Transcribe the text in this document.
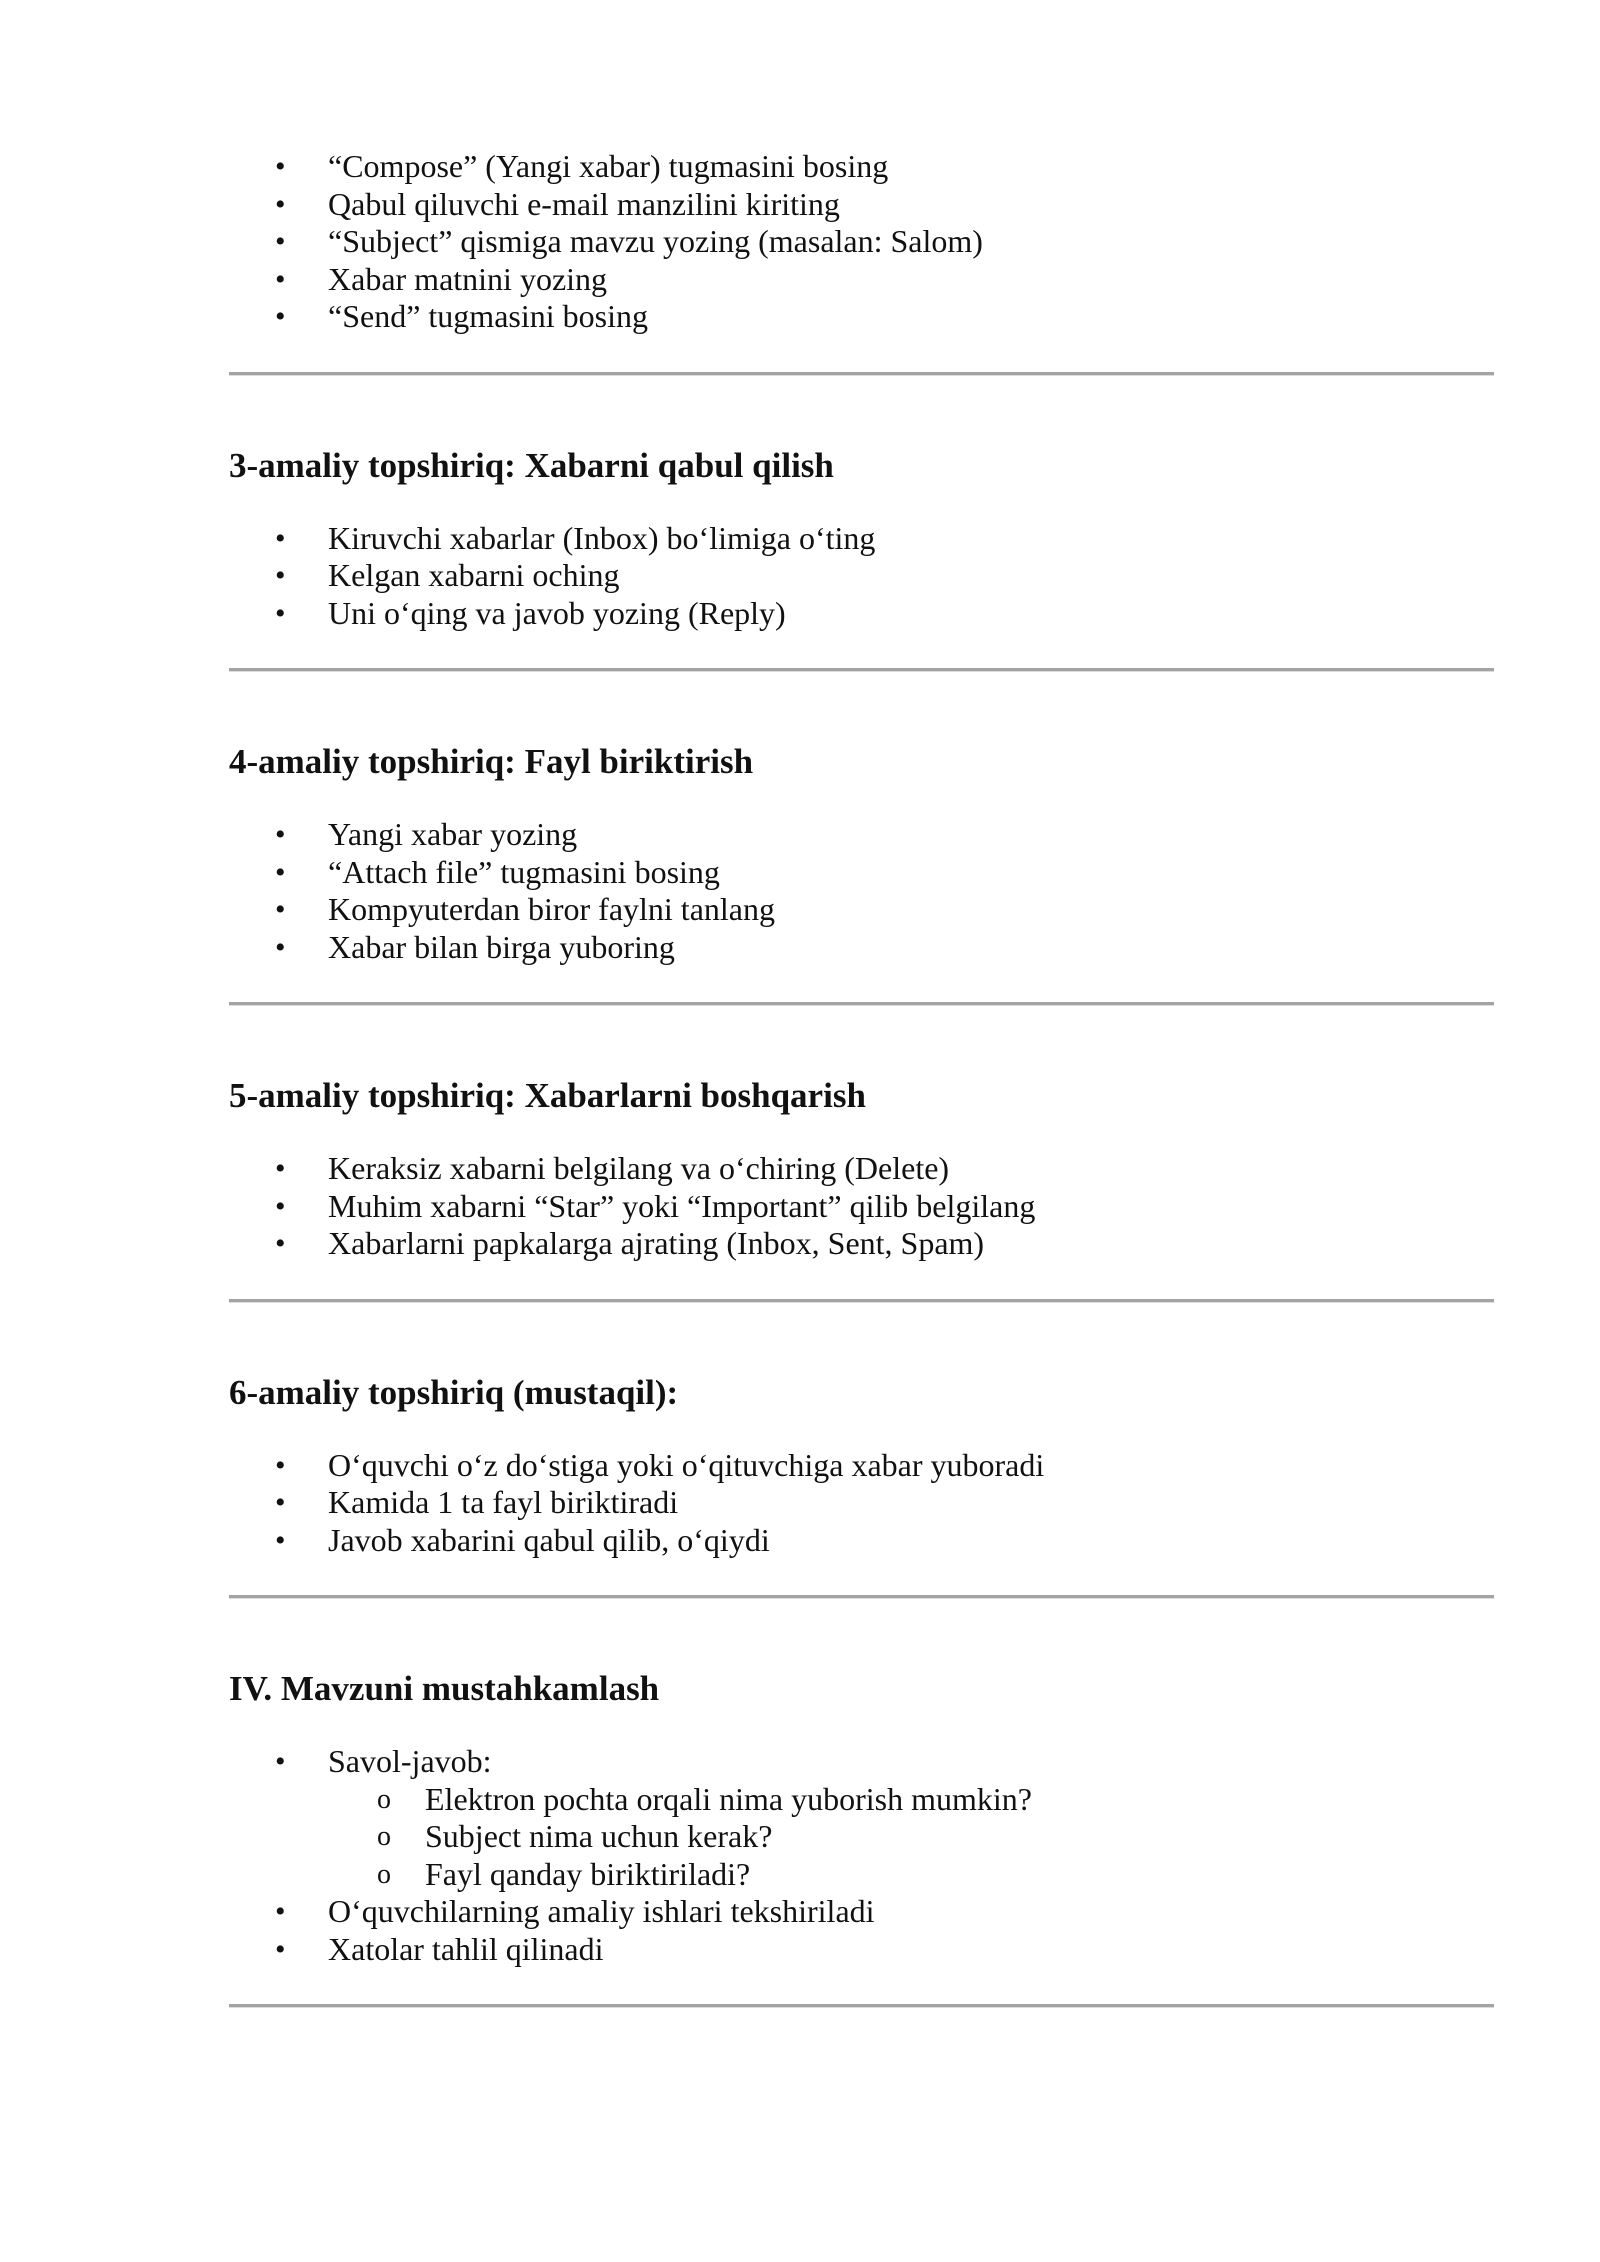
• “Compose” (Yangi xabar) tugmasini bosing
• Qabul qiluvchi e-mail manzilini kiriting
• “Subject” qismiga mavzu yozing (masalan: Salom)
• Xabar matnini yozing
• “Send” tugmasini bosing
3-amaliy topshiriq: Xabarni qabul qilish
• Kiruvchi xabarlar (Inbox) bo‘limiga o‘ting
• Kelgan xabarni oching
• Uni o‘qing va javob yozing (Reply)
4-amaliy topshiriq: Fayl biriktirish
• Yangi xabar yozing
• “Attach file” tugmasini bosing
• Kompyuterdan biror faylni tanlang
• Xabar bilan birga yuboring
5-amaliy topshiriq: Xabarlarni boshqarish
• Keraksiz xabarni belgilang va o‘chiring (Delete)
• Muhim xabarni “Star” yoki “Important” qilib belgilang
• Xabarlarni papkalarga ajrating (Inbox, Sent, Spam)
6-amaliy topshiriq (mustaqil):
• O‘quvchi o‘z do‘stiga yoki o‘qituvchiga xabar yuboradi
• Kamida 1 ta fayl biriktiradi
• Javob xabarini qabul qilib, o‘qiydi
IV. Mavzuni mustahkamlash
• Savol-javob:
o Elektron pochta orqali nima yuborish mumkin?
o Subject nima uchun kerak?
o Fayl qanday biriktiriladi?
• O‘quvchilarning amaliy ishlari tekshiriladi
• Xatolar tahlil qilinadi
